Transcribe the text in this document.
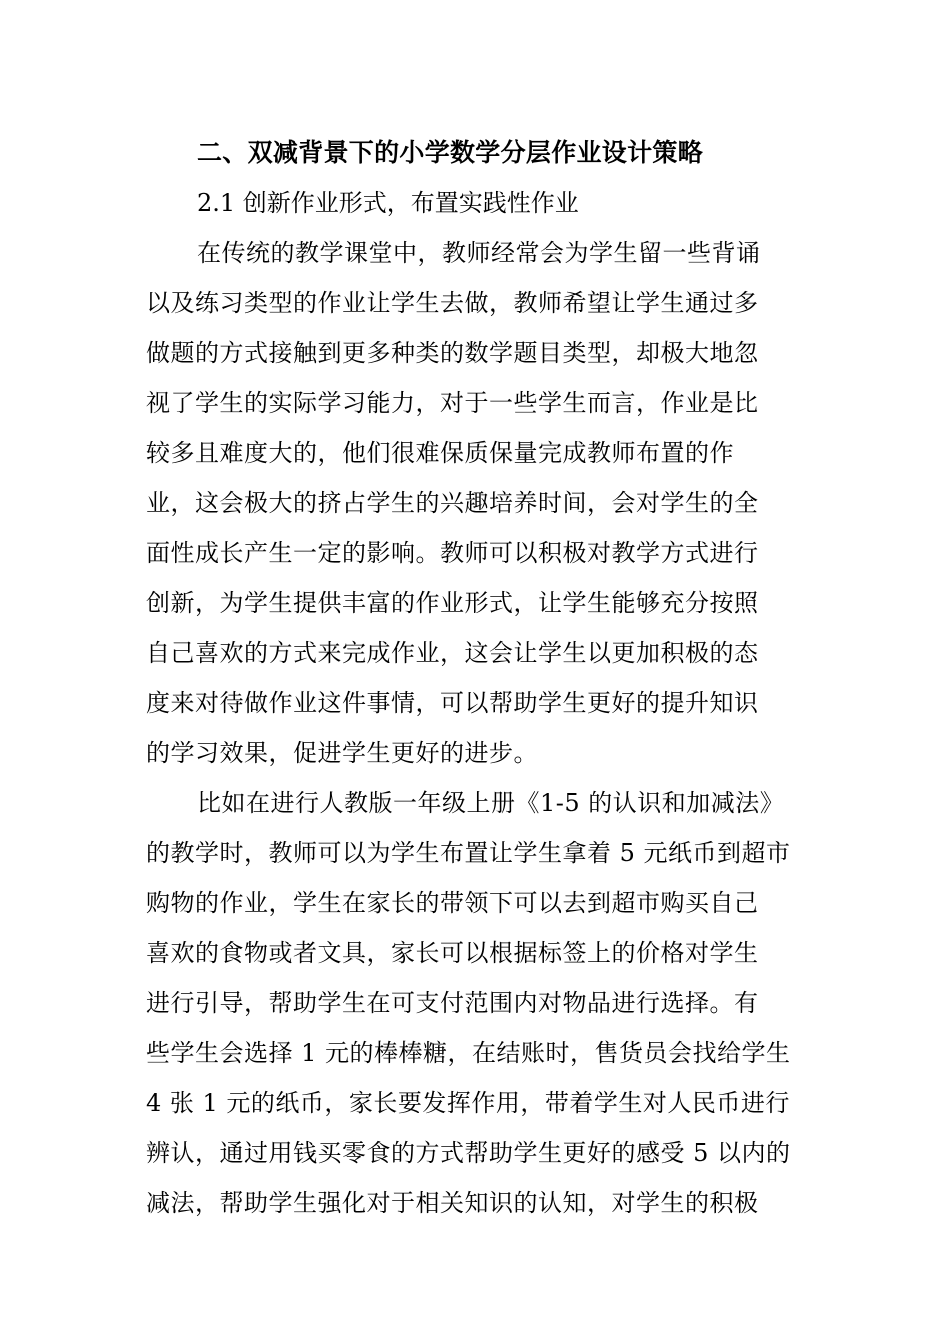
二、双减背景下的小学数学分层作业设计策略
2.1 创新作业形式，布置实践性作业
在传统的教学课堂中，教师经常会为学生留一些背诵
以及练习类型的作业让学生去做，教师希望让学生通过多
做题的方式接触到更多种类的数学题目类型，却极大地忽
视了学生的实际学习能力，对于一些学生而言，作业是比
较多且难度大的，他们很难保质保量完成教师布置的作
业，这会极大的挤占学生的兴趣培养时间，会对学生的全
面性成长产生一定的影响。教师可以积极对教学方式进行
创新，为学生提供丰富的作业形式，让学生能够充分按照
自己喜欢的方式来完成作业，这会让学生以更加积极的态
度来对待做作业这件事情，可以帮助学生更好的提升知识
的学习效果，促进学生更好的进步。
比如在进行人教版一年级上册《1-5 的认识和加减法》
的教学时，教师可以为学生布置让学生拿着 5 元纸币到超市
购物的作业，学生在家长的带领下可以去到超市购买自己
喜欢的食物或者文具，家长可以根据标签上的价格对学生
进行引导，帮助学生在可支付范围内对物品进行选择。有
些学生会选择 1 元的棒棒糖，在结账时，售货员会找给学生
4 张 1 元的纸币，家长要发挥作用，带着学生对人民币进行
辨认，通过用钱买零食的方式帮助学生更好的感受 5 以内的
减法，帮助学生强化对于相关知识的认知，对学生的积极
